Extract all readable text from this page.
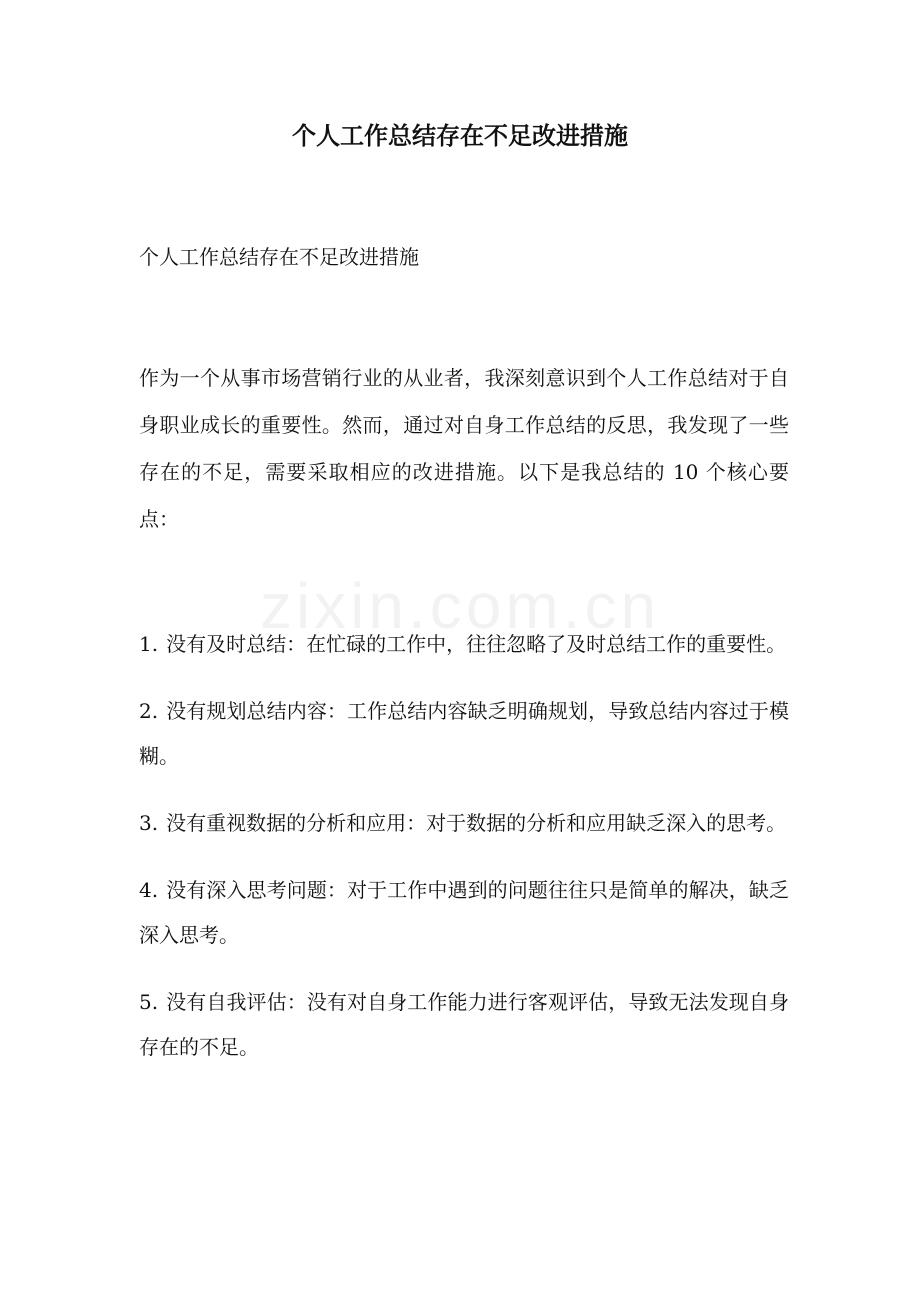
个人工作总结存在不足改进措施

个人工作总结存在不足改进措施

作为一个从事市场营销行业的从业者，我深刻意识到个人工作总结对于自身职业成长的重要性。然而，通过对自身工作总结的反思，我发现了一些存在的不足，需要采取相应的改进措施。以下是我总结的 10 个核心要点：

zixin.com.cn
1. 没有及时总结：在忙碌的工作中，往往忽略了及时总结工作的重要性。
2. 没有规划总结内容：工作总结内容缺乏明确规划，导致总结内容过于模糊。
3. 没有重视数据的分析和应用：对于数据的分析和应用缺乏深入的思考。
4. 没有深入思考问题：对于工作中遇到的问题往往只是简单的解决，缺乏深入思考。
5. 没有自我评估：没有对自身工作能力进行客观评估，导致无法发现自身存在的不足。
